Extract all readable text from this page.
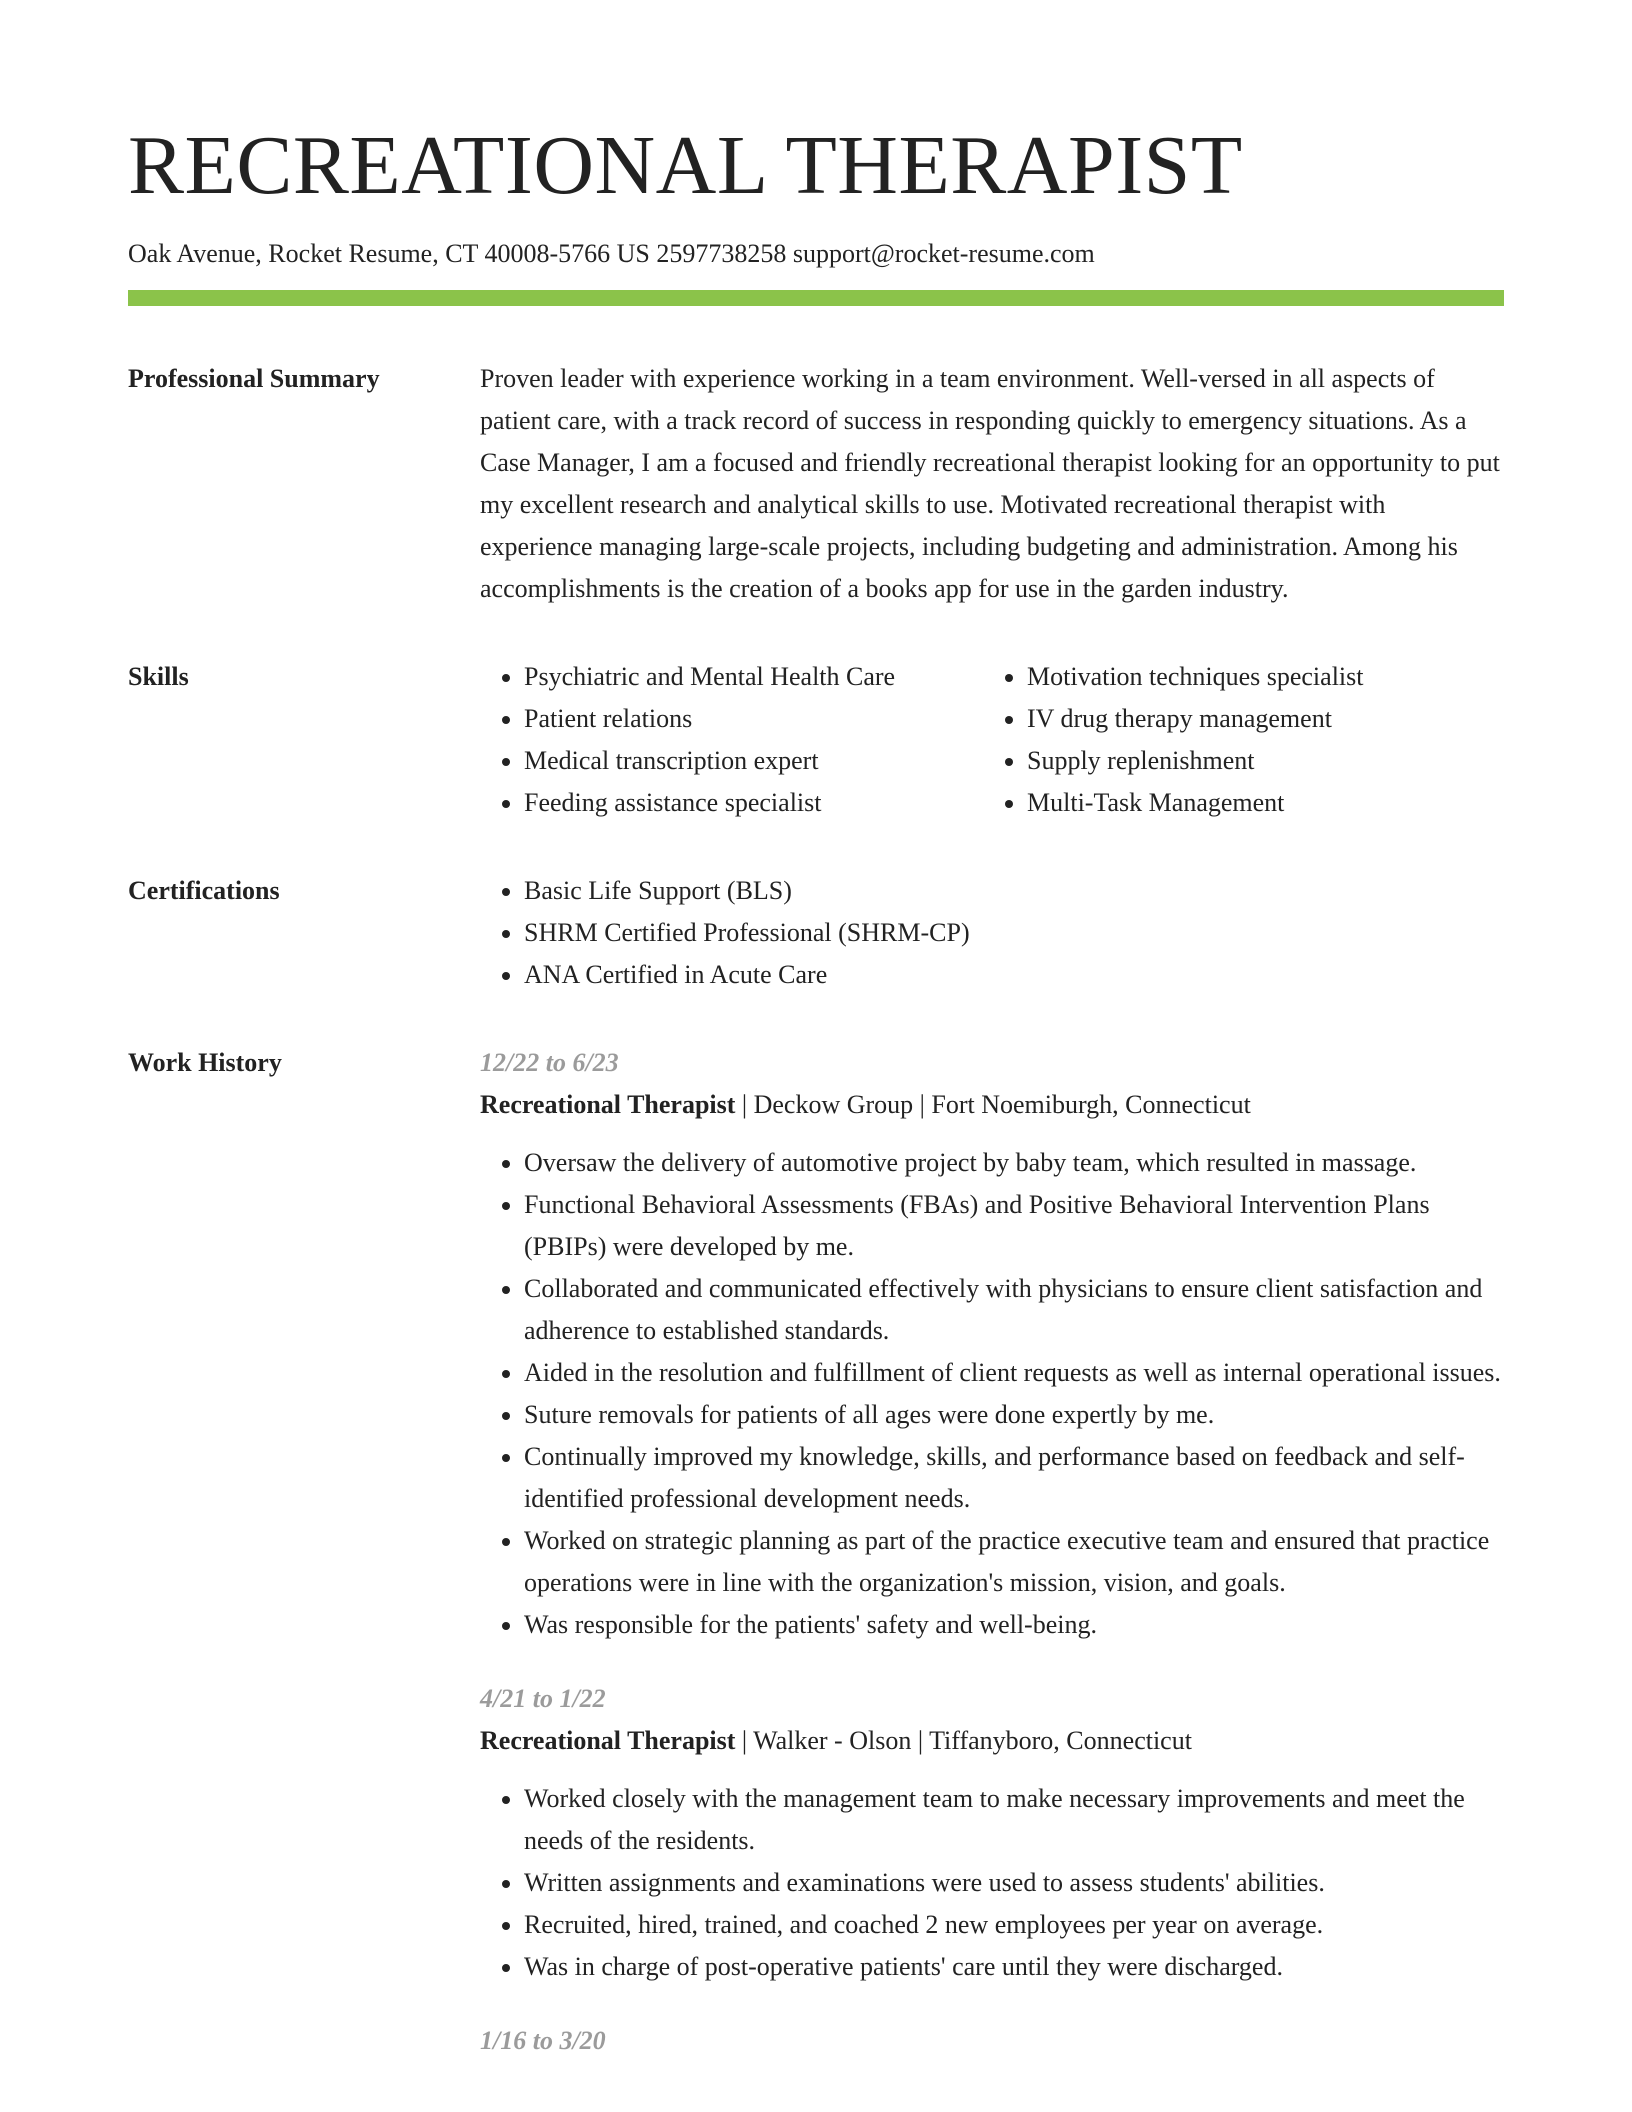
RECREATIONAL THERAPIST
Oak Avenue, Rocket Resume, CT 40008-5766 US 2597738258 support@rocket-resume.com
Professional Summary	Proven leader with experience working in a team environment. Well-versed in all aspects of patient care, with a track record of success in responding quickly to emergency situations. As a Case Manager, I am a focused and friendly recreational therapist looking for an opportunity to put my excellent research and analytical skills to use. Motivated recreational therapist with experience managing large-scale projects, including budgeting and administration. Among his accomplishments is the creation of a books app for use in the garden industry.

Skills	• Psychiatric and Mental Health Care
• Patient relations
• Medical transcription expert
• Feeding assistance specialist
• Motivation techniques specialist
• IV drug therapy management
• Supply replenishment
• Multi-Task Management
Certifications	• Basic Life Support (BLS)
• SHRM Certified Professional (SHRM-CP)
• ANA Certified in Acute Care
Work History	12/22 to 6/23
Recreational Therapist | Deckow Group | Fort Noemiburgh, Connecticut
• Oversaw the delivery of automotive project by baby team, which resulted in massage.
• Functional Behavioral Assessments (FBAs) and Positive Behavioral Intervention Plans (PBIPs) were developed by me.
• Collaborated and communicated effectively with physicians to ensure client satisfaction and adherence to established standards.
• Aided in the resolution and fulfillment of client requests as well as internal operational issues.
• Suture removals for patients of all ages were done expertly by me.
• Continually improved my knowledge, skills, and performance based on feedback and self-identified professional development needs.
• Worked on strategic planning as part of the practice executive team and ensured that practice operations were in line with the organization's mission, vision, and goals.
• Was responsible for the patients' safety and well-being.
4/21 to 1/22
Recreational Therapist | Walker - Olson | Tiffanyboro, Connecticut
• Worked closely with the management team to make necessary improvements and meet the needs of the residents.
• Written assignments and examinations were used to assess students' abilities.
• Recruited, hired, trained, and coached 2 new employees per year on average.
• Was in charge of post-operative patients' care until they were discharged.
1/16 to 3/20
